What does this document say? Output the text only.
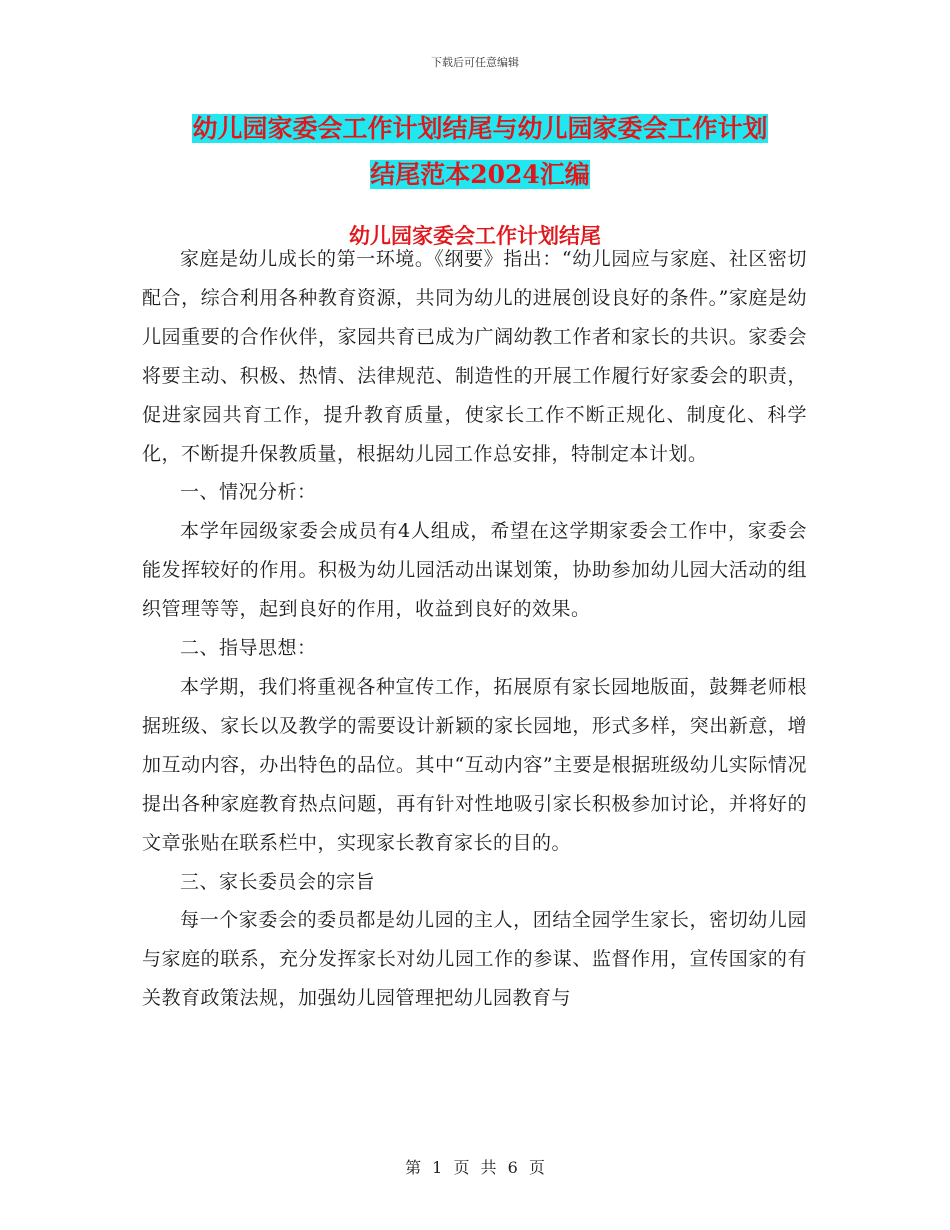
下载后可任意编辑
幼儿园家委会工作计划结尾与幼儿园家委会工作计划
结尾范本2024汇编
幼儿园家委会工作计划结尾

家庭是幼儿成长的第一环境。《纲要》指出：“幼儿园应与家庭、社区密切配合，综合利用各种教育资源，共同为幼儿的进展创设良好的条件。”家庭是幼儿园重要的合作伙伴，家园共育已成为广阔幼教工作者和家长的共识。家委会将要主动、积极、热情、法律规范、制造性的开展工作履行好家委会的职责，促进家园共育工作，提升教育质量，使家长工作不断正规化、制度化、科学化，不断提升保教质量，根据幼儿园工作总安排，特制定本计划。

一、情况分析：

本学年园级家委会成员有4人组成，希望在这学期家委会工作中，家委会能发挥较好的作用。积极为幼儿园活动出谋划策，协助参加幼儿园大活动的组织管理等等，起到良好的作用，收益到良好的效果。

二、指导思想：

本学期，我们将重视各种宣传工作，拓展原有家长园地版面，鼓舞老师根据班级、家长以及教学的需要设计新颖的家长园地，形式多样，突出新意，增加互动内容，办出特色的品位。其中“互动内容”主要是根据班级幼儿实际情况提出各种家庭教育热点问题，再有针对性地吸引家长积极参加讨论，并将好的文章张贴在联系栏中，实现家长教育家长的目的。

三、家长委员会的宗旨

每一个家委会的委员都是幼儿园的主人，团结全园学生家长，密切幼儿园与家庭的联系，充分发挥家长对幼儿园工作的参谋、监督作用，宣传国家的有关教育政策法规，加强幼儿园管理把幼儿园教育与

第 1 页 共 6 页
